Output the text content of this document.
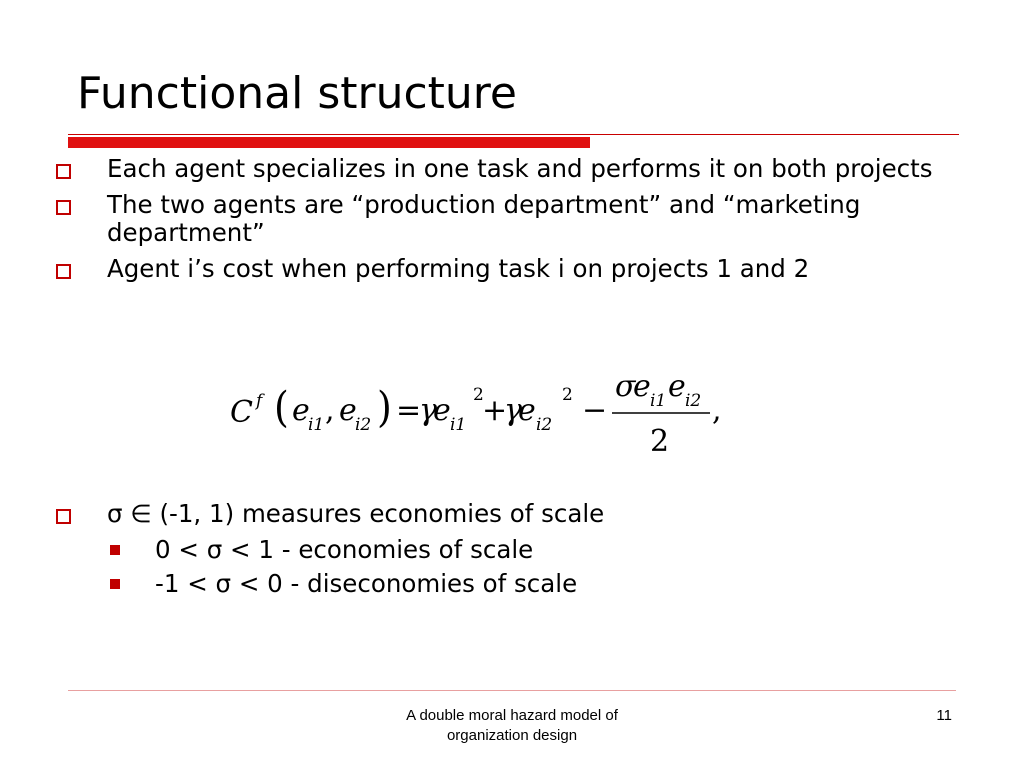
Functional structure
Each agent specializes in one task and performs it on both projects
The two agents are “production department” and “marketing department”
Agent i’s cost when performing task i on projects 1 and 2
C f ( e
i1 , e
i2 ) =
γ
e i1
2
+
γ
e i2
2 −
σ
e i1 e i2
2
,
σ ∈ (-1, 1) measures economies of scale
0 < σ < 1 - economies of scale
-1 < σ < 0 - diseconomies of scale
A double moral hazard model of
organization design
11
